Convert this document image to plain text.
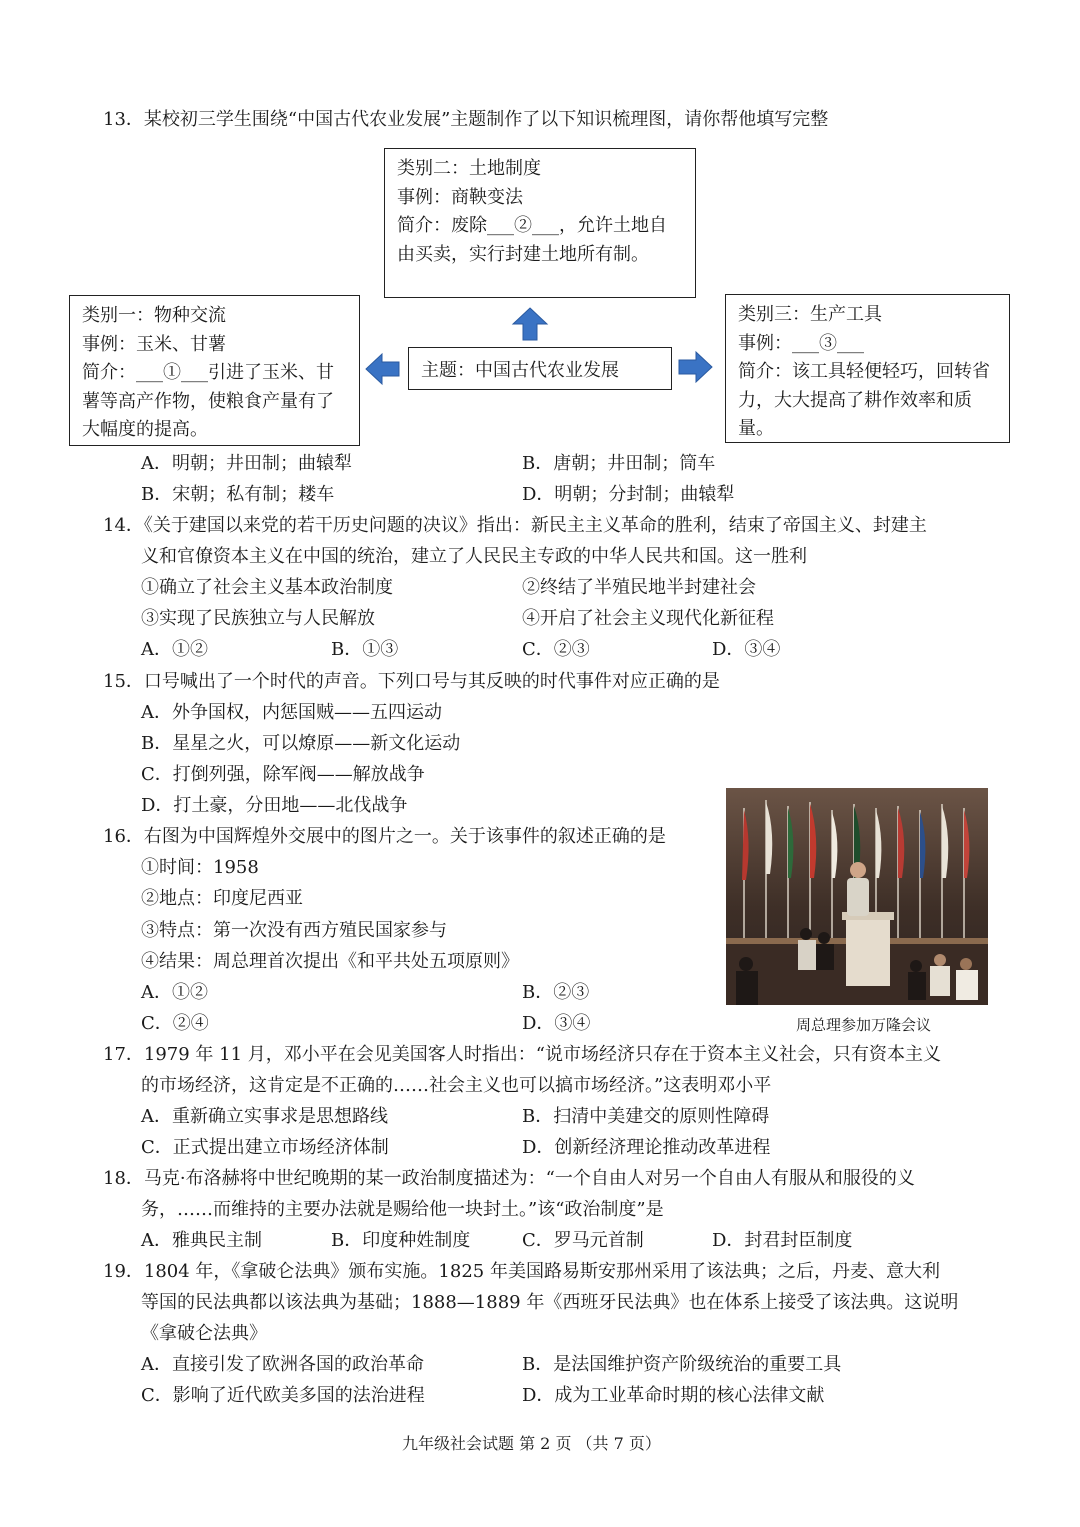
13．某校初三学生围绕“中国古代农业发展”主题制作了以下知识梳理图，请你帮他填写完整
类别二：土地制度
事例：商鞅变法
简介：废除___②___，允许土地自
由买卖，实行封建土地所有制。
类别一：物种交流
事例：玉米、甘薯
简介：___①___引进了玉米、甘
薯等高产作物，使粮食产量有了
大幅度的提高。
类别三：生产工具
事例：___③___
简介：该工具轻便轻巧，回转省
力，大大提高了耕作效率和质
量。
主题：中国古代农业发展
A．明朝；井田制；曲辕犁	B．唐朝；井田制；筒车
B．宋朝；私有制；耧车	D．明朝；分封制；曲辕犁
14．《关于建国以来党的若干历史问题的决议》指出：新民主主义革命的胜利，结束了帝国主义、封建主
义和官僚资本主义在中国的统治，建立了人民民主专政的中华人民共和国。这一胜利
①确立了社会主义基本政治制度	②终结了半殖民地半封建社会
③实现了民族独立与人民解放	④开启了社会主义现代化新征程
A．①②	B．①③	C．②③	D．③④
15．口号喊出了一个时代的声音。下列口号与其反映的时代事件对应正确的是
A．外争国权，内惩国贼——五四运动
B．星星之火，可以燎原——新文化运动
C．打倒列强，除军阀——解放战争
D．打土豪，分田地——北伐战争
16．右图为中国辉煌外交展中的图片之一。关于该事件的叙述正确的是
①时间：1958
②地点：印度尼西亚
③特点：第一次没有西方殖民国家参与
④结果：周总理首次提出《和平共处五项原则》
A．①②	B．②③
C．②④	D．③④	周总理参加万隆会议
17．1979 年 11 月，邓小平在会见美国客人时指出：“说市场经济只存在于资本主义社会，只有资本主义
的市场经济，这肯定是不正确的……社会主义也可以搞市场经济。”这表明邓小平
A．重新确立实事求是思想路线	B．扫清中美建交的原则性障碍
C．正式提出建立市场经济体制	D．创新经济理论推动改革进程
18．马克·布洛赫将中世纪晚期的某一政治制度描述为：“一个自由人对另一个自由人有服从和服役的义
务，……而维持的主要办法就是赐给他一块封土。”该“政治制度”是
A．雅典民主制	B．印度种姓制度	C．罗马元首制	D．封君封臣制度
19．1804 年，《拿破仑法典》颁布实施。1825 年美国路易斯安那州采用了该法典；之后，丹麦、意大利
等国的民法典都以该法典为基础；1888—1889 年《西班牙民法典》也在体系上接受了该法典。这说明
《拿破仑法典》
A．直接引发了欧洲各国的政治革命	B．是法国维护资产阶级统治的重要工具
C．影响了近代欧美多国的法治进程	D．成为工业革命时期的核心法律文献
九年级社会试题 第 2 页 （共 7 页）
